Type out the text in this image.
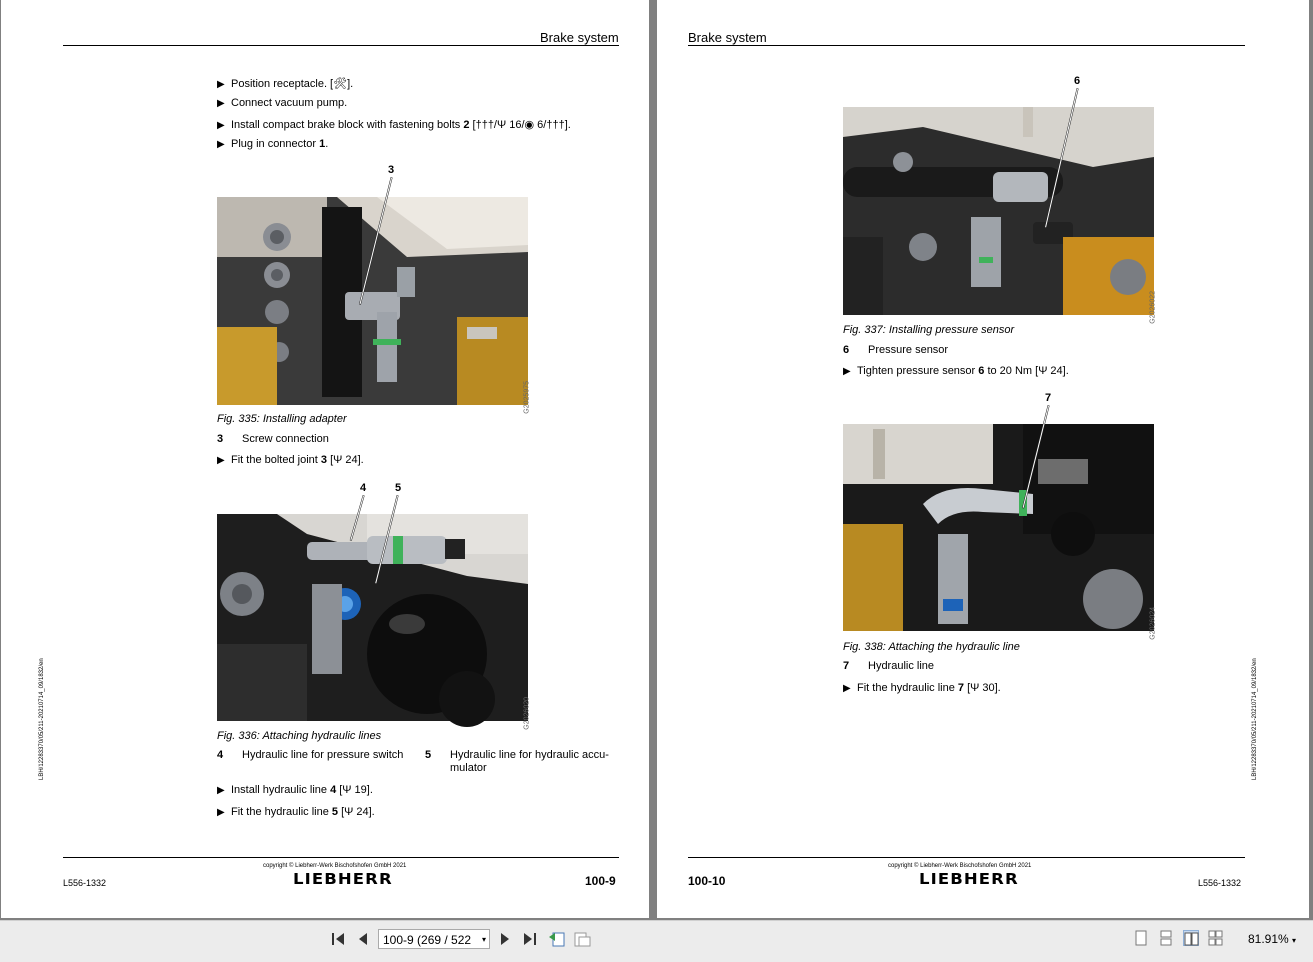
Brake system
▶ Position receptacle. [🛠].
▶ Connect vacuum pump.
▶ Install compact brake block with fastening bolts 2 [†††/Ψ 16/◉ 6/†††].
▶ Plug in connector 1.
3
G2025975
Fig. 335: Installing adapter
3 Screw connection
▶ Fit the bolted joint 3 [Ψ 24].
4	5
G2026020
Fig. 336: Attaching hydraulic lines
4 Hydraulic line for pressure switch 5 Hydraulic line for hydraulic accu-
mulator
▶ Install hydraulic line 4 [Ψ 19].
▶ Fit the hydraulic line 5 [Ψ 24].
copyright © Liebherr-Werk Bischofshofen GmbH 2021
LIEBHERR
L556-1332	100-9
LBH/12283370/05/211-20210714_09/1832/en
Brake system
6
G2026022
Fig. 337: Installing pressure sensor
6 Pressure sensor
▶ Tighten pressure sensor 6 to 20 Nm [Ψ 24].
7
G2026024
Fig. 338: Attaching the hydraulic line
7 Hydraulic line
▶ Fit the hydraulic line 7 [Ψ 30].
copyright © Liebherr-Werk Bischofshofen GmbH 2021
LIEBHERR	L556-1332
100-10
LBH/12283370/05/211-20210714_09/1832/en
100-9 (269 / 522 ▾	81.91% ▾
